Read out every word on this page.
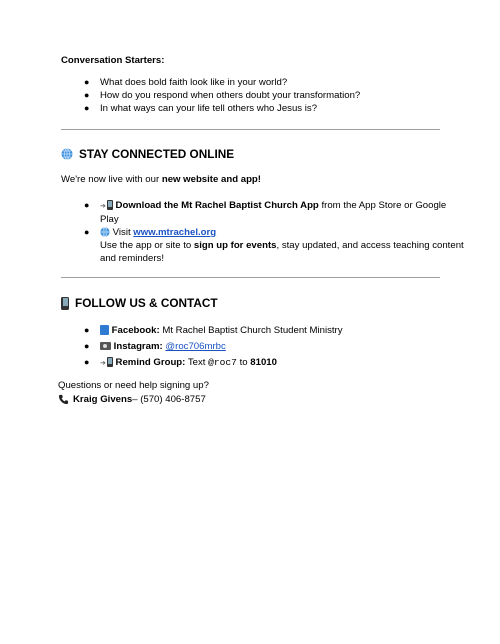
Conversation Starters:
● What does bold faith look like in your world?
● How do you respond when others doubt your transformation?
● In what ways can your life tell others who Jesus is?
STAY CONNECTED ONLINE
We're now live with our new website and app!
● ➜ Download the Mt Rachel Baptist Church App from the App Store or Google
Play
● Visit www.mtrachel.org
Use the app or site to sign up for events, stay updated, and access teaching content
and reminders!
FOLLOW US & CONTACT
● Facebook: Mt Rachel Baptist Church Student Ministry
●	Instagram: @roc706mrbc
● ➜ Remind Group: Text @roc7 to 81010
Questions or need help signing up?
Kraig Givens – (570) 406-8757
